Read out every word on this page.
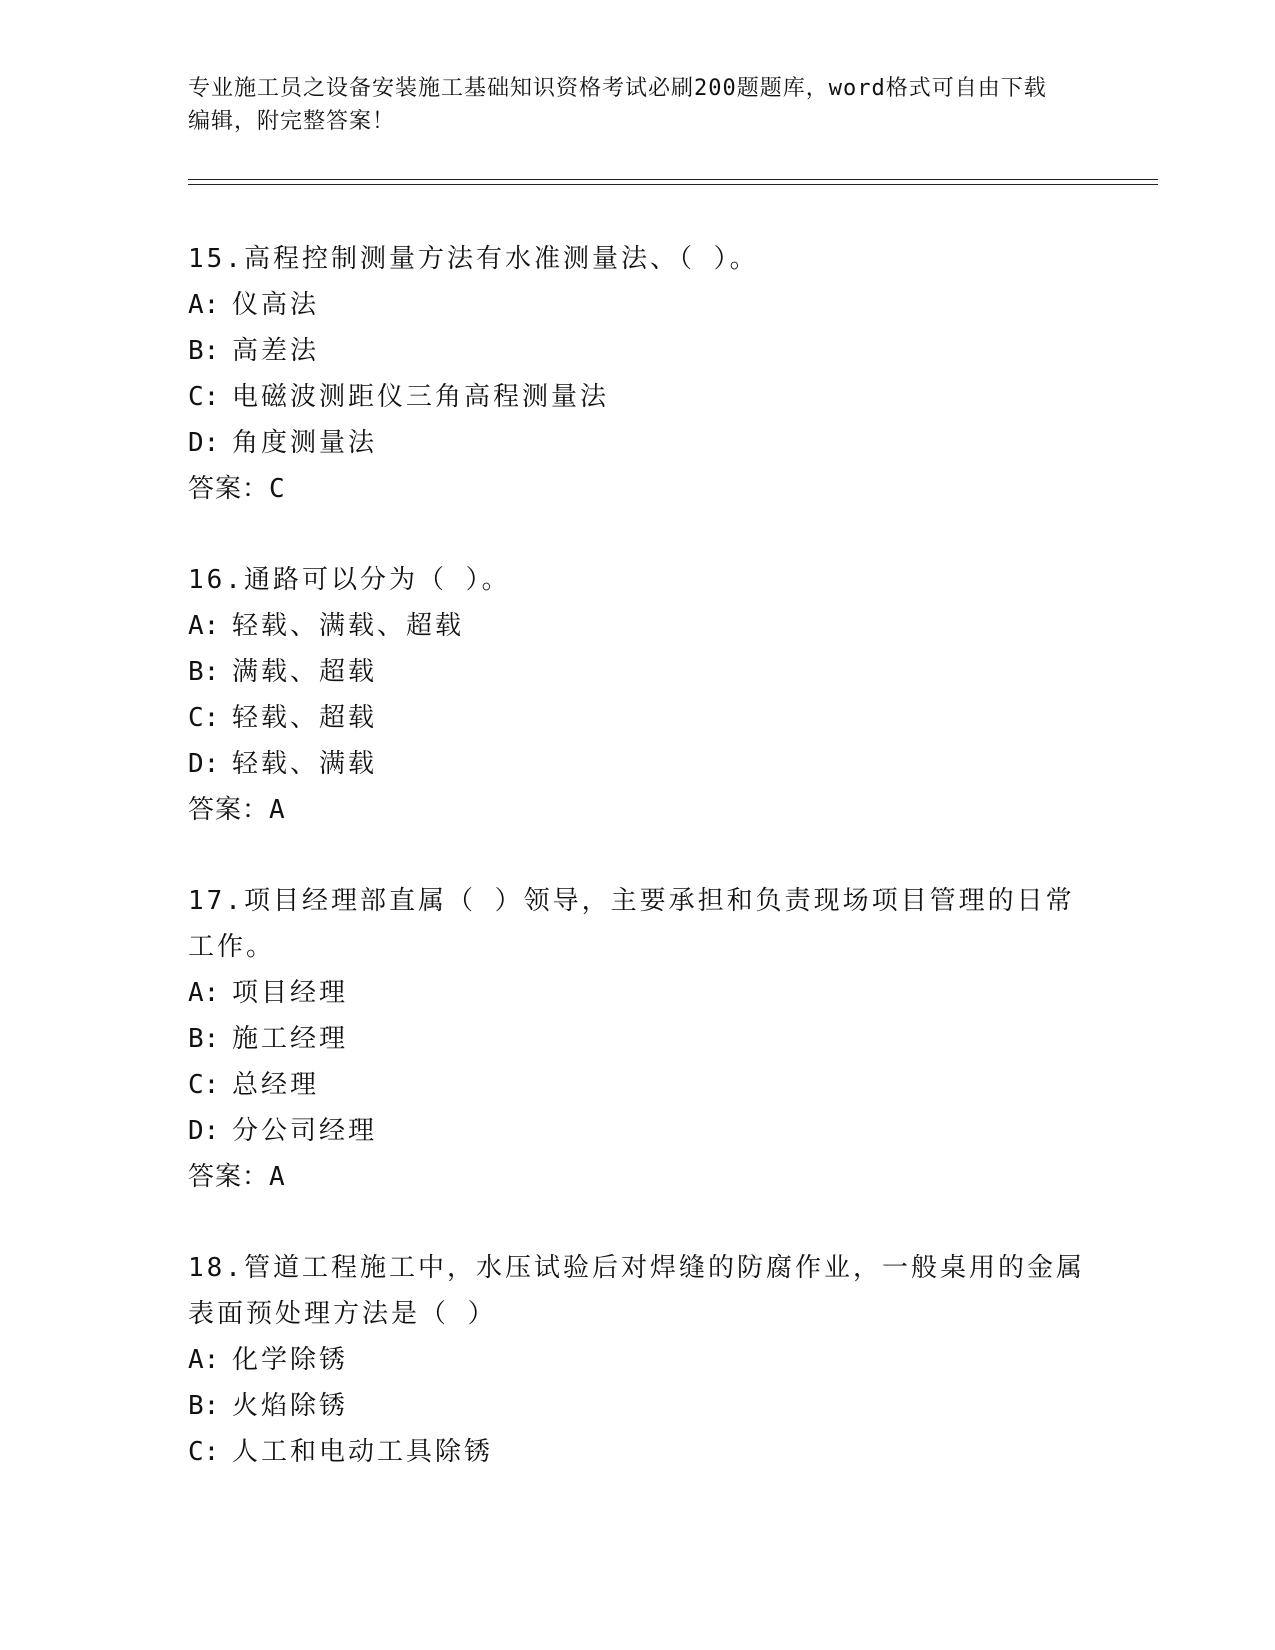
专业施工员之设备安装施工基础知识资格考试必刷200题题库，word格式可自由下载编辑，附完整答案！

15.高程控制测量方法有水准测量法、（ ）。

A: 仪高法

B: 高差法

C: 电磁波测距仪三角高程测量法

D: 角度测量法

答案：C

16.通路可以分为（ ）。

A: 轻载、满载、超载

B: 满载、超载

C: 轻载、超载

D: 轻载、满载

答案：A

17.项目经理部直属（ ）领导，主要承担和负责现场项目管理的日常工作。

A: 项目经理

B: 施工经理

C: 总经理

D: 分公司经理

答案：A

18.管道工程施工中，水压试验后对焊缝的防腐作业，一般桌用的金属表面预处理方法是（ ）

A: 化学除锈

B: 火焰除锈

C: 人工和电动工具除锈
